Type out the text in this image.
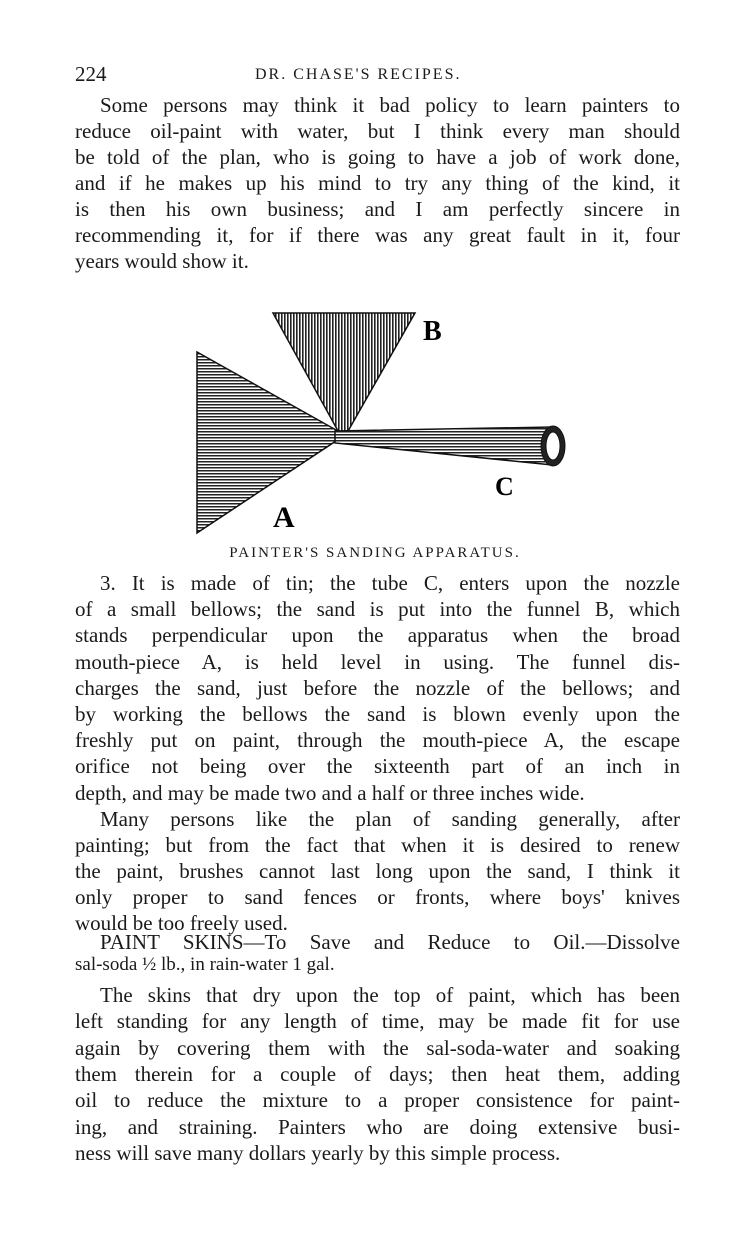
224	DR. CHASE'S RECIPES.
Some persons may think it bad policy to learn painters to
reduce oil-paint with water, but I think every man should
be told of the plan, who is going to have a job of work done,
and if he makes up his mind to try any thing of the kind, it
is then his own business; and I am perfectly sincere in
recommending it, for if there was any great fault in it, four
years would show it.
B
A
C
PAINTER'S SANDING APPARATUS.
3. It is made of tin; the tube C, enters upon the nozzle
of a small bellows; the sand is put into the funnel B, which
stands perpendicular upon the apparatus when the broad
mouth-piece A, is held level in using. The funnel dis-
charges the sand, just before the nozzle of the bellows; and
by working the bellows the sand is blown evenly upon the
freshly put on paint, through the mouth-piece A, the escape
orifice not being over the sixteenth part of an inch in
depth, and may be made two and a half or three inches wide.
Many persons like the plan of sanding generally, after
painting; but from the fact that when it is desired to renew
the paint, brushes cannot last long upon the sand, I think it
only proper to sand fences or fronts, where boys' knives
would be too freely used.
PAINT SKINS—To Save and Reduce to Oil.—Dissolve
sal-soda ½ lb., in rain-water 1 gal.
The skins that dry upon the top of paint, which has been
left standing for any length of time, may be made fit for use
again by covering them with the sal-soda-water and soaking
them therein for a couple of days; then heat them, adding
oil to reduce the mixture to a proper consistence for paint-
ing, and straining. Painters who are doing extensive busi-
ness will save many dollars yearly by this simple process.
